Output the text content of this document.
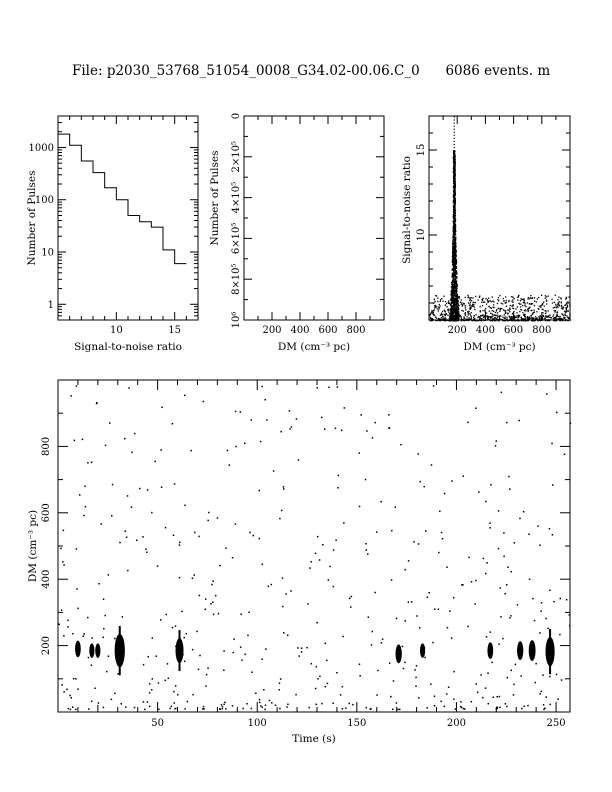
File: p2030_53768_51054_0008_G34.02-00.06.C_0 6086 events. m
10	15
1
10
100
1000
Signal-to-noise ratio
Number of Pulses
200 400 600 800
0
2×10⁵
4×10⁵
6×10⁵
8×10⁵
10⁶
DM (cm⁻³ pc)
Number of Pulses
200 400 600 800
10
15
DM (cm⁻³ pc)
Signal-to-noise ratio
50	100	150	200	250
200
400
600
800
Time (s)
DM (cm⁻³ pc)
